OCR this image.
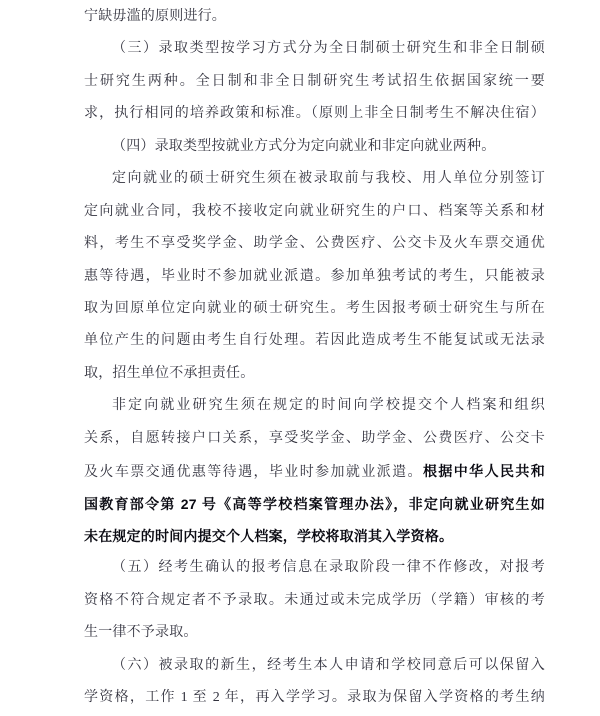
宁缺毋滥的原则进行。
（三）录取类型按学习方式分为全日制硕士研究生和非全日制硕
士研究生两种。全日制和非全日制研究生考试招生依据国家统一要
求，执行相同的培养政策和标准。（原则上非全日制考生不解决住宿）
（四）录取类型按就业方式分为定向就业和非定向就业两种。
定向就业的硕士研究生须在被录取前与我校、用人单位分别签订
定向就业合同，我校不接收定向就业研究生的户口、档案等关系和材
料，考生不享受奖学金、助学金、公费医疗、公交卡及火车票交通优
惠等待遇，毕业时不参加就业派遣。参加单独考试的考生，只能被录
取为回原单位定向就业的硕士研究生。考生因报考硕士研究生与所在
单位产生的问题由考生自行处理。若因此造成考生不能复试或无法录
取，招生单位不承担责任。
非定向就业研究生须在规定的时间向学校提交个人档案和组织
关系，自愿转接户口关系，享受奖学金、助学金、公费医疗、公交卡
及火车票交通优惠等待遇，毕业时参加就业派遣。根据中华人民共和
国教育部令第 27 号《高等学校档案管理办法》，非定向就业研究生如
未在规定的时间内提交个人档案，学校将取消其入学资格。
（五）经考生确认的报考信息在录取阶段一律不作修改，对报考
资格不符合规定者不予录取。未通过或未完成学历（学籍）审核的考
生一律不予录取。
（六）被录取的新生，经考生本人申请和学校同意后可以保留入
学资格，工作 1 至 2 年，再入学学习。录取为保留入学资格的考生纳
